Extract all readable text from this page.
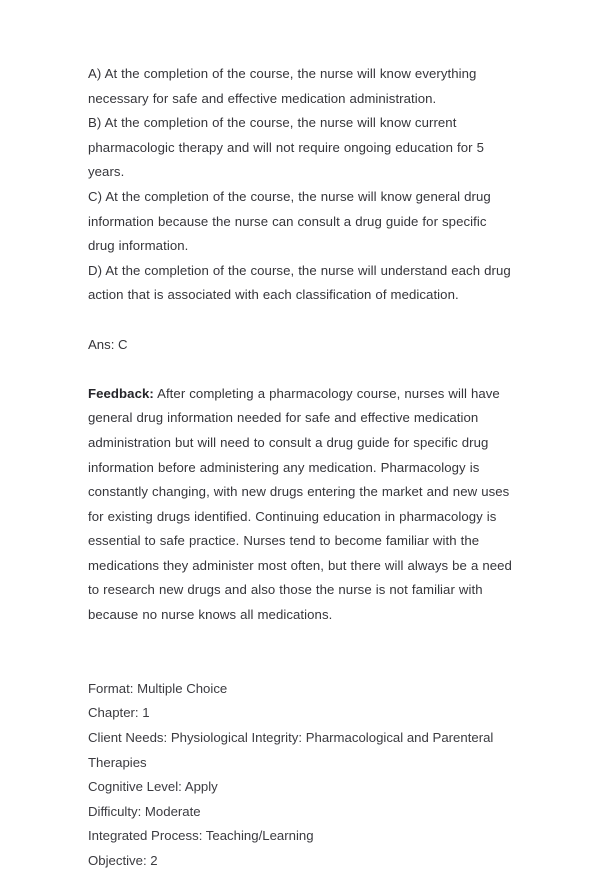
A) At the completion of the course, the nurse will know everything necessary for safe and effective medication administration.
B) At the completion of the course, the nurse will know current pharmacologic therapy and will not require ongoing education for 5 years.
C) At the completion of the course, the nurse will know general drug information because the nurse can consult a drug guide for specific drug information.
D) At the completion of the course, the nurse will understand each drug action that is associated with each classification of medication.

Ans: C

Feedback: After completing a pharmacology course, nurses will have general drug information needed for safe and effective medication administration but will need to consult a drug guide for specific drug information before administering any medication. Pharmacology is constantly changing, with new drugs entering the market and new uses for existing drugs identified. Continuing education in pharmacology is essential to safe practice. Nurses tend to become familiar with the medications they administer most often, but there will always be a need to research new drugs and also those the nurse is not familiar with because no nurse knows all medications.

Format: Multiple Choice
Chapter: 1
Client Needs: Physiological Integrity: Pharmacological and Parenteral Therapies
Cognitive Level: Apply
Difficulty: Moderate
Integrated Process: Teaching/Learning
Objective: 2
